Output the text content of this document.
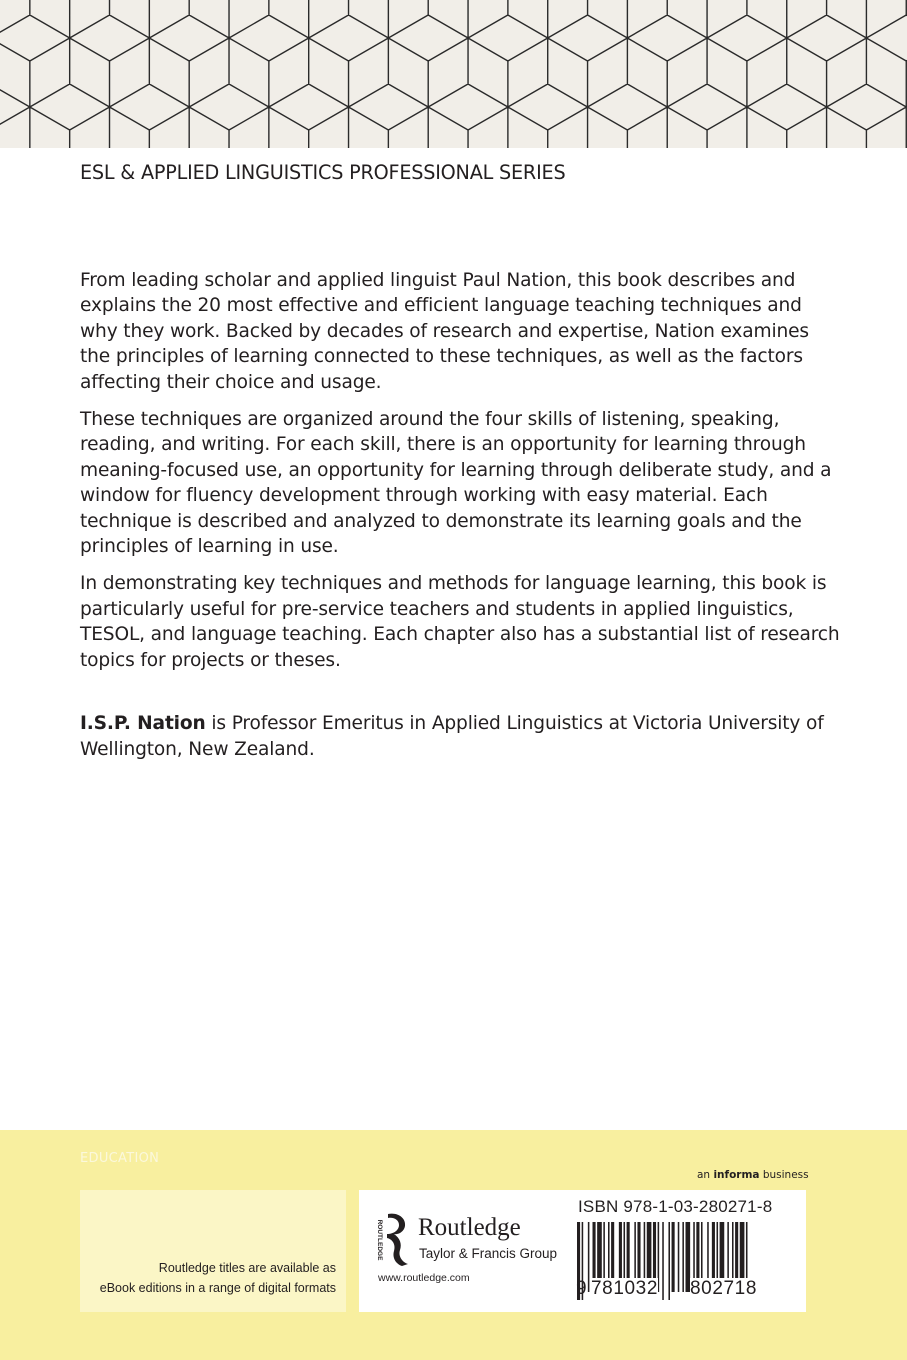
ESL & APPLIED LINGUISTICS PROFESSIONAL SERIES

From leading scholar and applied linguist Paul Nation, this book describes and explains the 20 most effective and efficient language teaching techniques and why they work. Backed by decades of research and expertise, Nation examines the principles of learning connected to these techniques, as well as the factors affecting their choice and usage.

These techniques are organized around the four skills of listening, speaking, reading, and writing. For each skill, there is an opportunity for learning through meaning-focused use, an opportunity for learning through deliberate study, and a window for fluency development through working with easy material. Each technique is described and analyzed to demonstrate its learning goals and the principles of learning in use.

In demonstrating key techniques and methods for language learning, this book is particularly useful for pre-service teachers and students in applied linguistics, TESOL, and language teaching. Each chapter also has a substantial list of research topics for projects or theses.

I.S.P. Nation is Professor Emeritus in Applied Linguistics at Victoria University of Wellington, New Zealand.

EDUCATION
an informa business
Routledge titles are available as
eBook editions in a range of digital formats
ROUTLEDGE Routledge
Taylor & Francis Group
www.routledge.com
ISBN 978-1-03-280271-8
9 781032 802718
